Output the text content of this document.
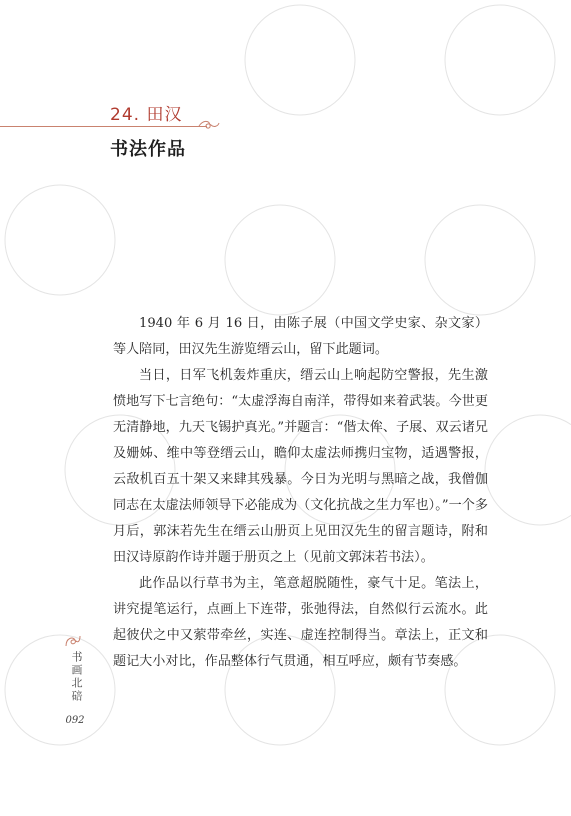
24. 田汉
书法作品

1940 年 6 月 16 日，由陈子展（中国文学史家、杂文家）等人陪同，田汉先生游览缙云山，留下此题词。

当日，日军飞机轰炸重庆，缙云山上响起防空警报，先生激愤地写下七言绝句：“太虚浮海自南洋，带得如来着武装。今世更无清静地，九天飞锡护真光。”并题言：“偕太侔、子展、双云诸兄及姗姊、维中等登缙云山，瞻仰太虚法师携归宝物，适遇警报，云敌机百五十架又来肆其残暴。今日为光明与黑暗之战，我僧伽同志在太虚法师领导下必能成为（文化抗战之生力军也）。”一个多月后，郭沫若先生在缙云山册页上见田汉先生的留言题诗，附和田汉诗原韵作诗并题于册页之上（见前文郭沫若书法）。

此作品以行草书为主，笔意超脱随性，豪气十足。笔法上，讲究提笔运行，点画上下连带，张弛得法，自然似行云流水。此起彼伏之中又萦带牵丝，实连、虚连控制得当。章法上，正文和题记大小对比，作品整体行气贯通，相互呼应，颇有节奏感。

书画北碚
092
